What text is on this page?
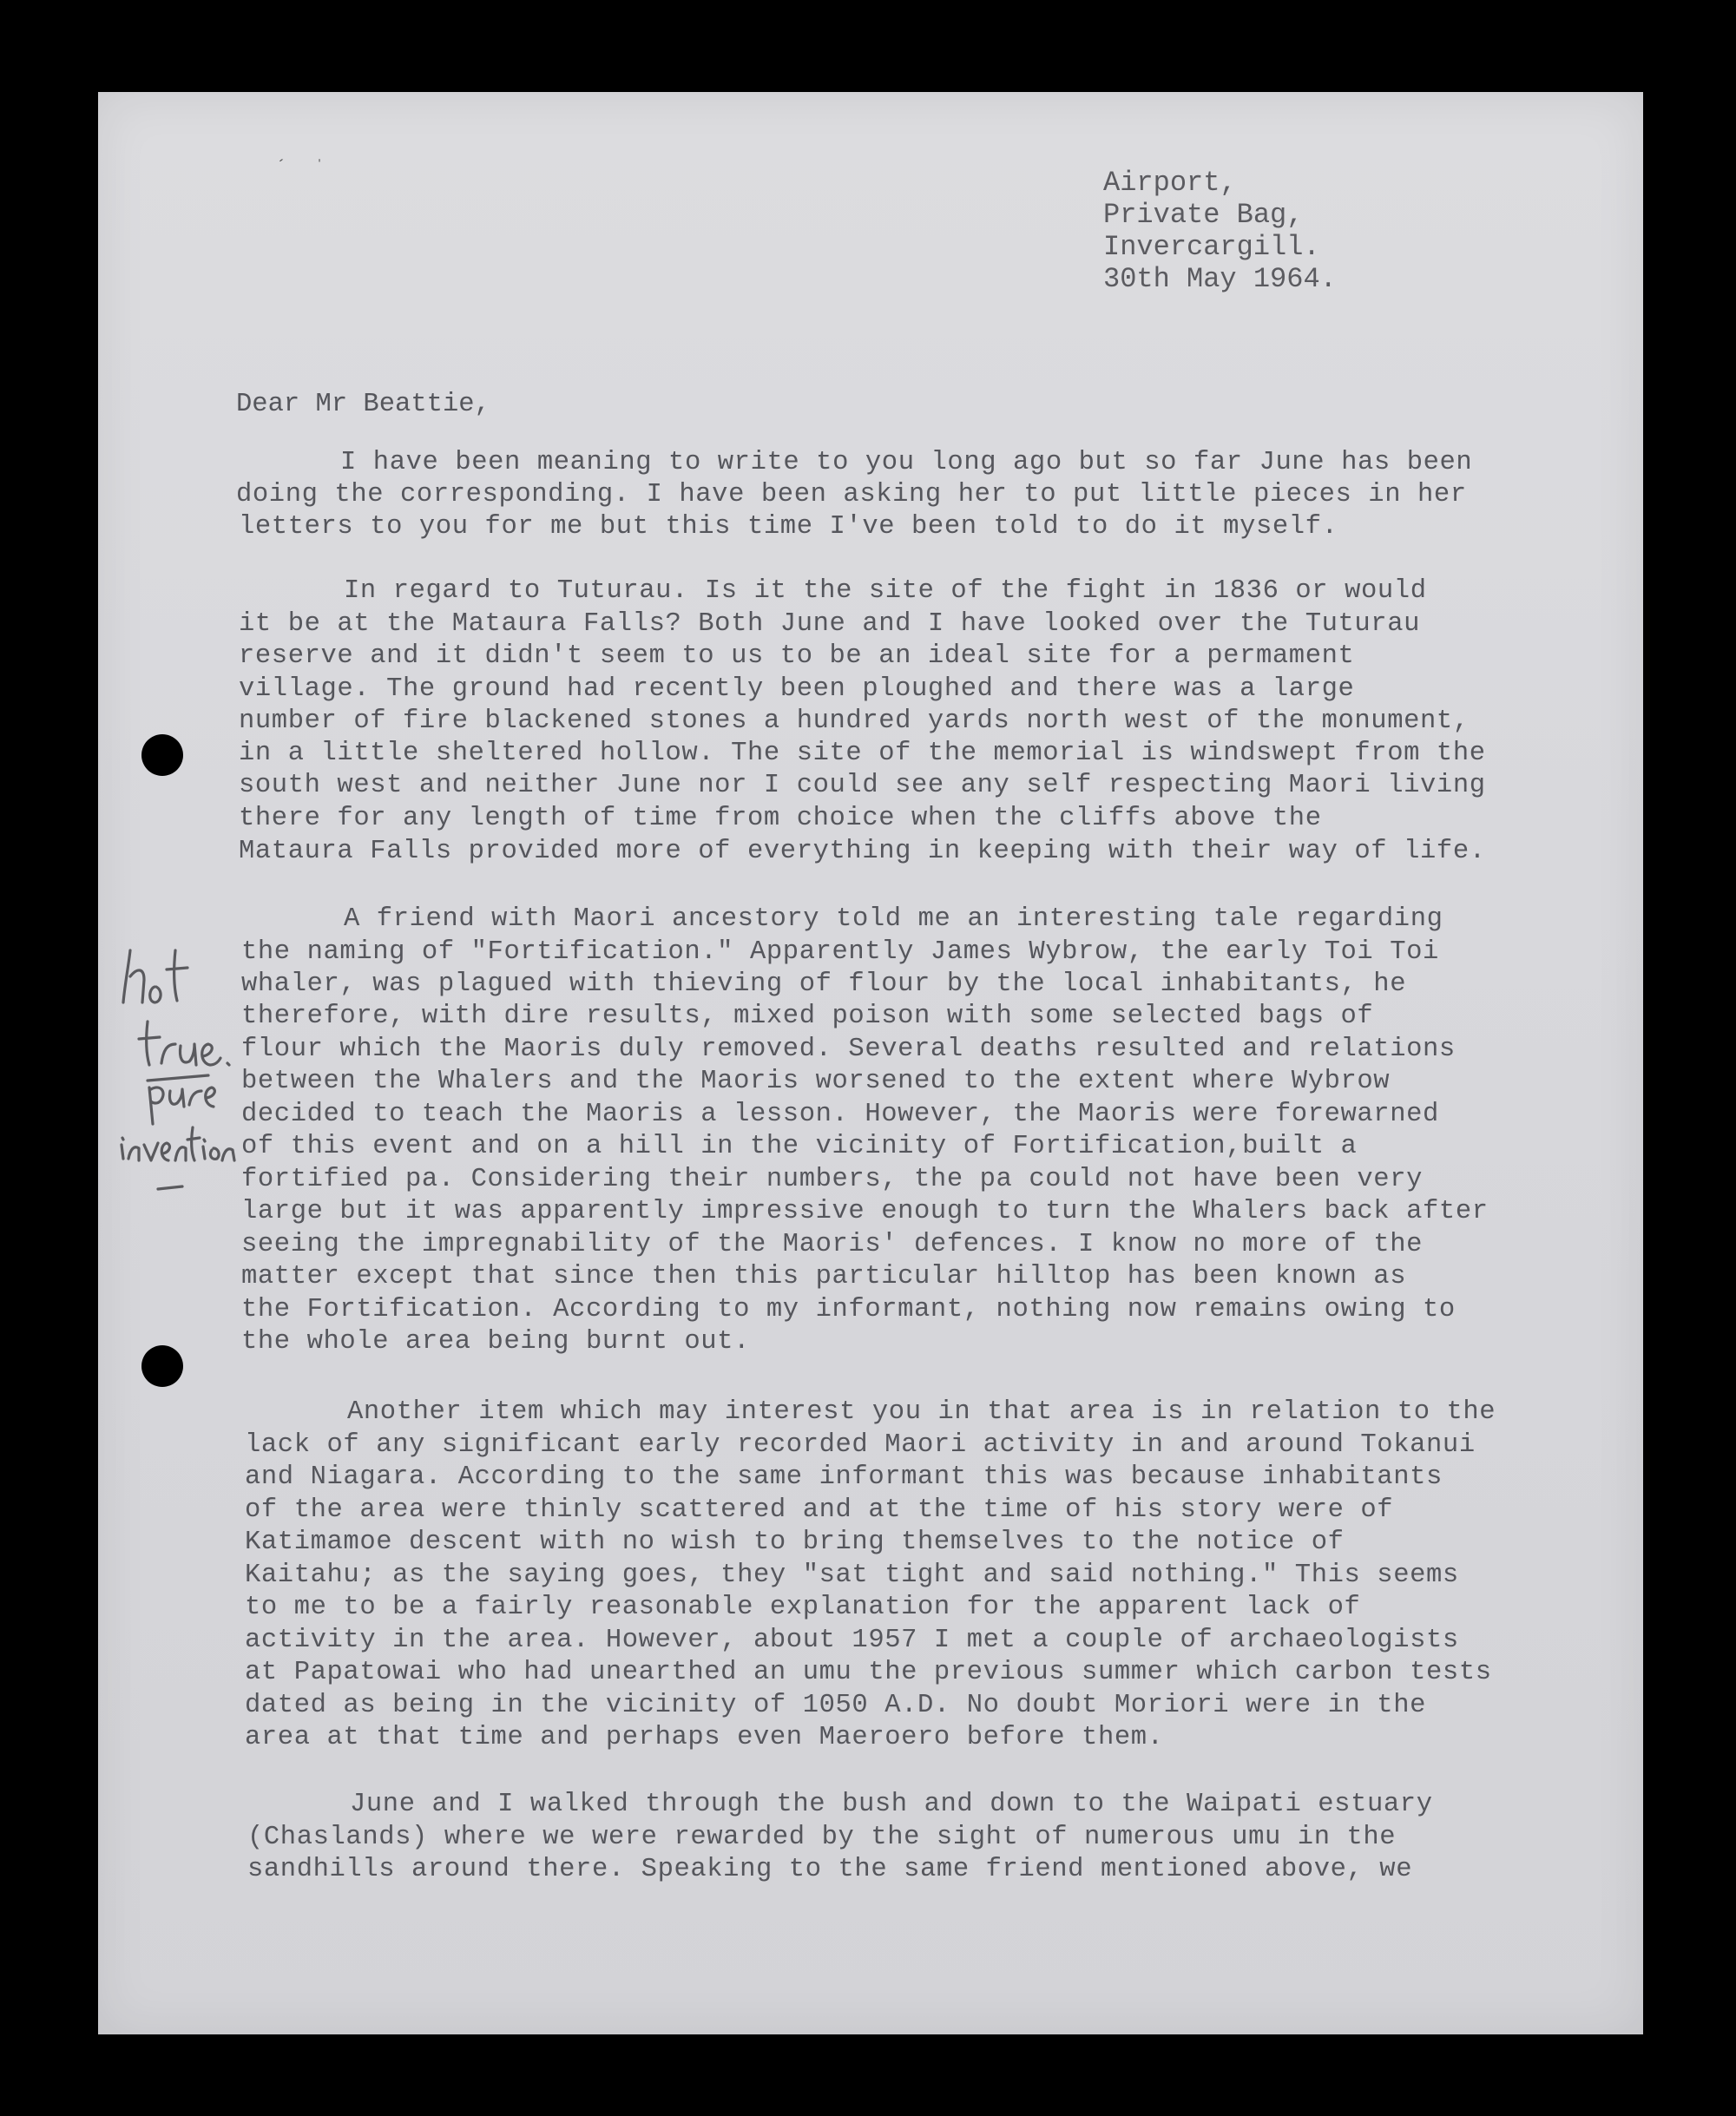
´ ˈ	Airport,
Private Bag,
Invercargill.
30th May 1964.
Dear Mr Beattie,
I have been meaning to write to you long ago but so far June has been
doing the corresponding. I have been asking her to put little pieces in her
letters to you for me but this time I've been told to do it myself.
In regard to Tuturau. Is it the site of the fight in 1836 or would
it be at the Mataura Falls? Both June and I have looked over the Tuturau
reserve and it didn't seem to us to be an ideal site for a permament
village. The ground had recently been ploughed and there was a large
number of fire blackened stones a hundred yards north west of the monument,
in a little sheltered hollow. The site of the memorial is windswept from the
south west and neither June nor I could see any self respecting Maori living
there for any length of time from choice when the cliffs above the
Mataura Falls provided more of everything in keeping with their way of life.
A friend with Maori ancestory told me an interesting tale regarding
the naming of "Fortification." Apparently James Wybrow, the early Toi Toi
whaler, was plagued with thieving of flour by the local inhabitants, he
therefore, with dire results, mixed poison with some selected bags of
flour which the Maoris duly removed. Several deaths resulted and relations
between the Whalers and the Maoris worsened to the extent where Wybrow
decided to teach the Maoris a lesson. However, the Maoris were forewarned
of this event and on a hill in the vicinity of Fortification,built a
fortified pa. Considering their numbers, the pa could not have been very
large but it was apparently impressive enough to turn the Whalers back after
seeing the impregnability of the Maoris' defences. I know no more of the
matter except that since then this particular hilltop has been known as
the Fortification. According to my informant, nothing now remains owing to
the whole area being burnt out.
Another item which may interest you in that area is in relation to the
lack of any significant early recorded Maori activity in and around Tokanui
and Niagara. According to the same informant this was because inhabitants
of the area were thinly scattered and at the time of his story were of
Katimamoe descent with no wish to bring themselves to the notice of
Kaitahu; as the saying goes, they "sat tight and said nothing." This seems
to me to be a fairly reasonable explanation for the apparent lack of
activity in the area. However, about 1957 I met a couple of archaeologists
at Papatowai who had unearthed an umu the previous summer which carbon tests
dated as being in the vicinity of 1050 A.D. No doubt Moriori were in the
area at that time and perhaps even Maeroero before them.
June and I walked through the bush and down to the Waipati estuary
(Chaslands) where we were rewarded by the sight of numerous umu in the
sandhills around there. Speaking to the same friend mentioned above, we
